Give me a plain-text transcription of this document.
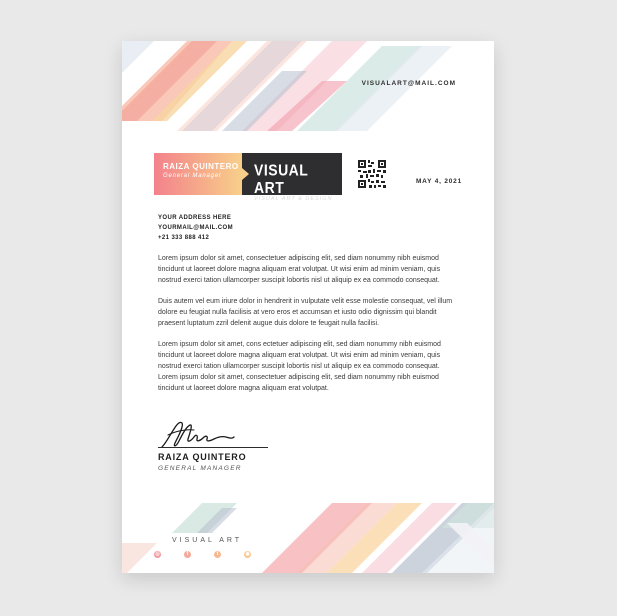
VISUALART@MAIL.COM
RAIZA QUINTERO
General Manager	VISUAL ART
VISUAL ART & DESIGN
MAY 4, 2021
YOUR ADDRESS HERE
YOURMAIL@MAIL.COM
+21 333 888 412

Lorem ipsum dolor sit amet, consectetuer adipiscing elit, sed diam nonummy nibh euismod tincidunt ut laoreet dolore magna aliquam erat volutpat. Ut wisi enim ad minim veniam, quis nostrud exerci tation ullamcorper suscipit lobortis nisl ut aliquip ex ea commodo consequat.

Duis autem vel eum iriure dolor in hendrerit in vulputate velit esse molestie consequat, vel illum dolore eu feugiat nulla facilisis at vero eros et accumsan et iusto odio dignissim qui blandit praesent luptatum zzril delenit augue duis dolore te feugait nulla facilisi.

Lorem ipsum dolor sit amet, cons ectetuer adipiscing elit, sed diam nonummy nibh euismod tincidunt ut laoreet dolore magna aliquam erat volutpat. Ut wisi enim ad minim veniam, quis nostrud exerci tation ullamcorper suscipit lobortis nisl ut aliquip ex ea commodo consequat. Lorem ipsum dolor sit amet, consectetuer adipiscing elit, sed diam nonummy nibh euismod tincidunt ut laoreet dolore magna aliquam erat volutpat.

RAIZA QUINTERO
GENERAL MANAGER
VISUAL ART
◎	f	t	◉
